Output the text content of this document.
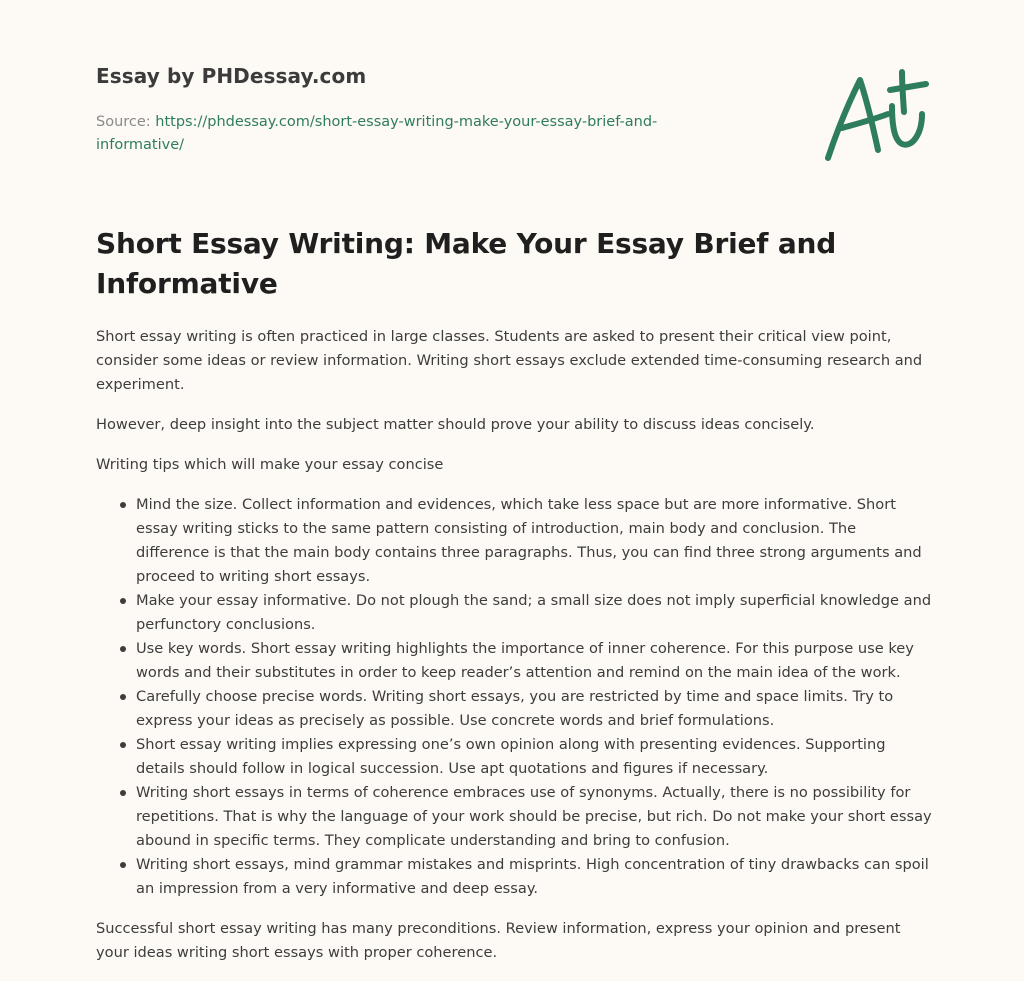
Essay by PHDessay.com
Source: https://phdessay.com/short-essay-writing-make-your-essay-brief-and-informative/
Short Essay Writing: Make Your Essay Brief and Informative

Short essay writing is often practiced in large classes. Students are asked to present their critical view point, consider some ideas or review information. Writing short essays exclude extended time-consuming research and experiment.

However, deep insight into the subject matter should prove your ability to discuss ideas concisely.

Writing tips which will make your essay concise

Mind the size. Collect information and evidences, which take less space but are more informative. Short essay writing sticks to the same pattern consisting of introduction, main body and conclusion. The difference is that the main body contains three paragraphs. Thus, you can find three strong arguments and proceed to writing short essays.
Make your essay informative. Do not plough the sand; a small size does not imply superficial knowledge and perfunctory conclusions.
Use key words. Short essay writing highlights the importance of inner coherence. For this purpose use key words and their substitutes in order to keep reader’s attention and remind on the main idea of the work.
Carefully choose precise words. Writing short essays, you are restricted by time and space limits. Try to express your ideas as precisely as possible. Use concrete words and brief formulations.
Short essay writing implies expressing one’s own opinion along with presenting evidences. Supporting details should follow in logical succession. Use apt quotations and figures if necessary.
Writing short essays in terms of coherence embraces use of synonyms. Actually, there is no possibility for repetitions. That is why the language of your work should be precise, but rich. Do not make your short essay abound in specific terms. They complicate understanding and bring to confusion.
Writing short essays, mind grammar mistakes and misprints. High concentration of tiny drawbacks can spoil an impression from a very informative and deep essay.

Successful short essay writing has many preconditions. Review information, express your opinion and present your ideas writing short essays with proper coherence.
